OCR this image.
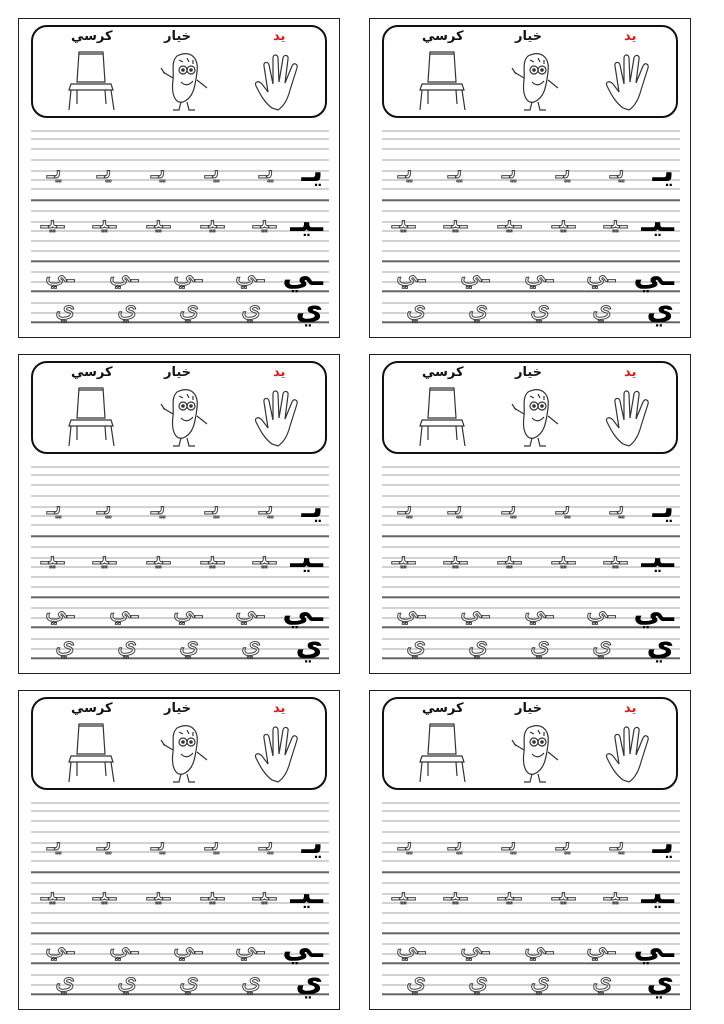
كرسي	خيار	يد
يـ
يـ
يـ
يـ
يـ
يـ
ـيـ
ـيـ
ـيـ
ـيـ
ـيـ
ـيـ
ـي
ـي
ـي
ـي
ـي
ي
ي
ي
ي
ي
كرسي	خيار	يد
يـ
يـ
يـ
يـ
يـ
يـ
ـيـ
ـيـ
ـيـ
ـيـ
ـيـ
ـيـ
ـي
ـي
ـي
ـي
ـي
ي
ي
ي
ي
ي
كرسي	خيار	يد
يـ
يـ
يـ
يـ
يـ
يـ
ـيـ
ـيـ
ـيـ
ـيـ
ـيـ
ـيـ
ـي
ـي
ـي
ـي
ـي
ي
ي
ي
ي
ي
كرسي	خيار	يد
يـ
يـ
يـ
يـ
يـ
يـ
ـيـ
ـيـ
ـيـ
ـيـ
ـيـ
ـيـ
ـي
ـي
ـي
ـي
ـي
ي
ي
ي
ي
ي
كرسي	خيار	يد
يـ
يـ
يـ
يـ
يـ
يـ
ـيـ
ـيـ
ـيـ
ـيـ
ـيـ
ـيـ
ـي
ـي
ـي
ـي
ـي
ي
ي
ي
ي
ي
كرسي	خيار	يد
يـ
يـ
يـ
يـ
يـ
يـ
ـيـ
ـيـ
ـيـ
ـيـ
ـيـ
ـيـ
ـي
ـي
ـي
ـي
ـي
ي
ي
ي
ي
ي
